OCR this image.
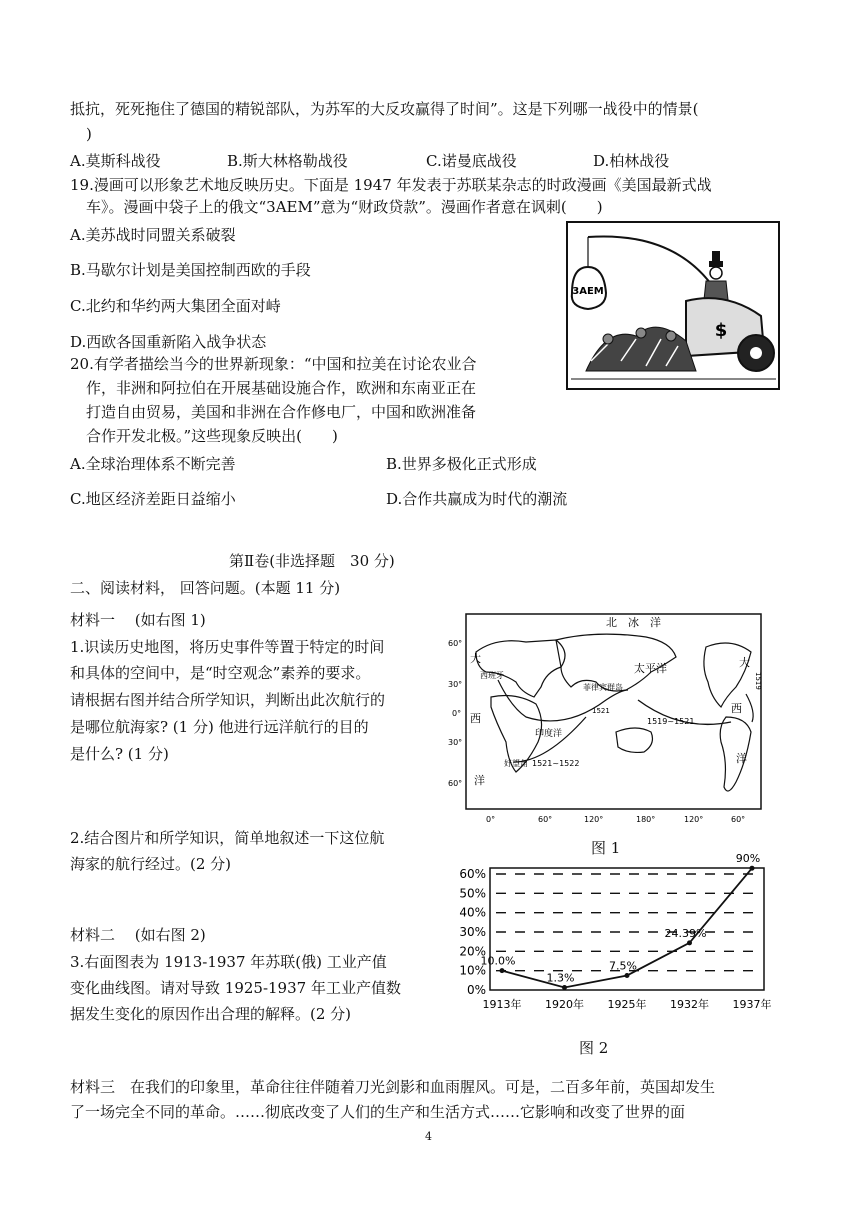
抵抗，死死拖住了德国的精锐部队，为苏军的大反攻赢得了时间”。这是下列哪一战役中的情景(
)
A.莫斯科战役	B.斯大林格勒战役	C.诺曼底战役	D.柏林战役
19.漫画可以形象艺术地反映历史。下面是 1947 年发表于苏联某杂志的时政漫画《美国最新式战
车》。漫画中袋子上的俄文“3AEM”意为“财政贷款”。漫画作者意在讽刺(　　)
A.美苏战时同盟关系破裂
B.马歇尔计划是美国控制西欧的手段
C.北约和华约两大集团全面对峙
D.西欧各国重新陷入战争状态
3AEM
$
20.有学者描绘当今的世界新现象：“中国和拉美在讨论农业合
作，非洲和阿拉伯在开展基础设施合作，欧洲和东南亚正在
打造自由贸易，美国和非洲在合作修电厂，中国和欧洲准备
合作开发北极。”这些现象反映出(　　)
A.全球治理体系不断完善	B.世界多极化正式形成
C.地区经济差距日益缩小	D.合作共赢成为时代的潮流
第Ⅱ卷(非选择题　30 分)
二、阅读材料， 回答问题。(本题 11 分)
材料一　 (如右图 1)
1.识读历史地图，将历史事件等置于特定的时间
和具体的空间中，是“时空观念”素养的要求。
请根据右图并结合所学知识，判断出此次航行的
是哪位航海家? (1 分) 他进行远洋航行的目的
是什么? (1 分)
2.结合图片和所学知识，简单地叙述一下这位航
海家的航行经过。(2 分)
材料二　 (如右图 2)
3.右面图表为 1913-1937 年苏联(俄) 工业产值
变化曲线图。请对导致 1925-1937 年工业产值数
据发生变化的原因作出合理的解释。(2 分)
北　冰　洋
太平洋
大
西
洋
大
西
洋
西班牙
菲律宾群岛
1521
印度洋
1519~1521
好望角 1521~1522
1519
60°
30°
0°
30°
60°
0°	60°	120°	180°	120°	60°
图 1
0%
10%
20%
30%
40%
50%
60%
1913年 1920年 1925年 1932年 1937年
10.0%
1.3%
7.5%
24.39%
90%
图 2
材料三　在我们的印象里，革命往往伴随着刀光剑影和血雨腥风。可是，二百多年前，英国却发生
了一场完全不同的革命。……彻底改变了人们的生产和生活方式……它影响和改变了世界的面
4
